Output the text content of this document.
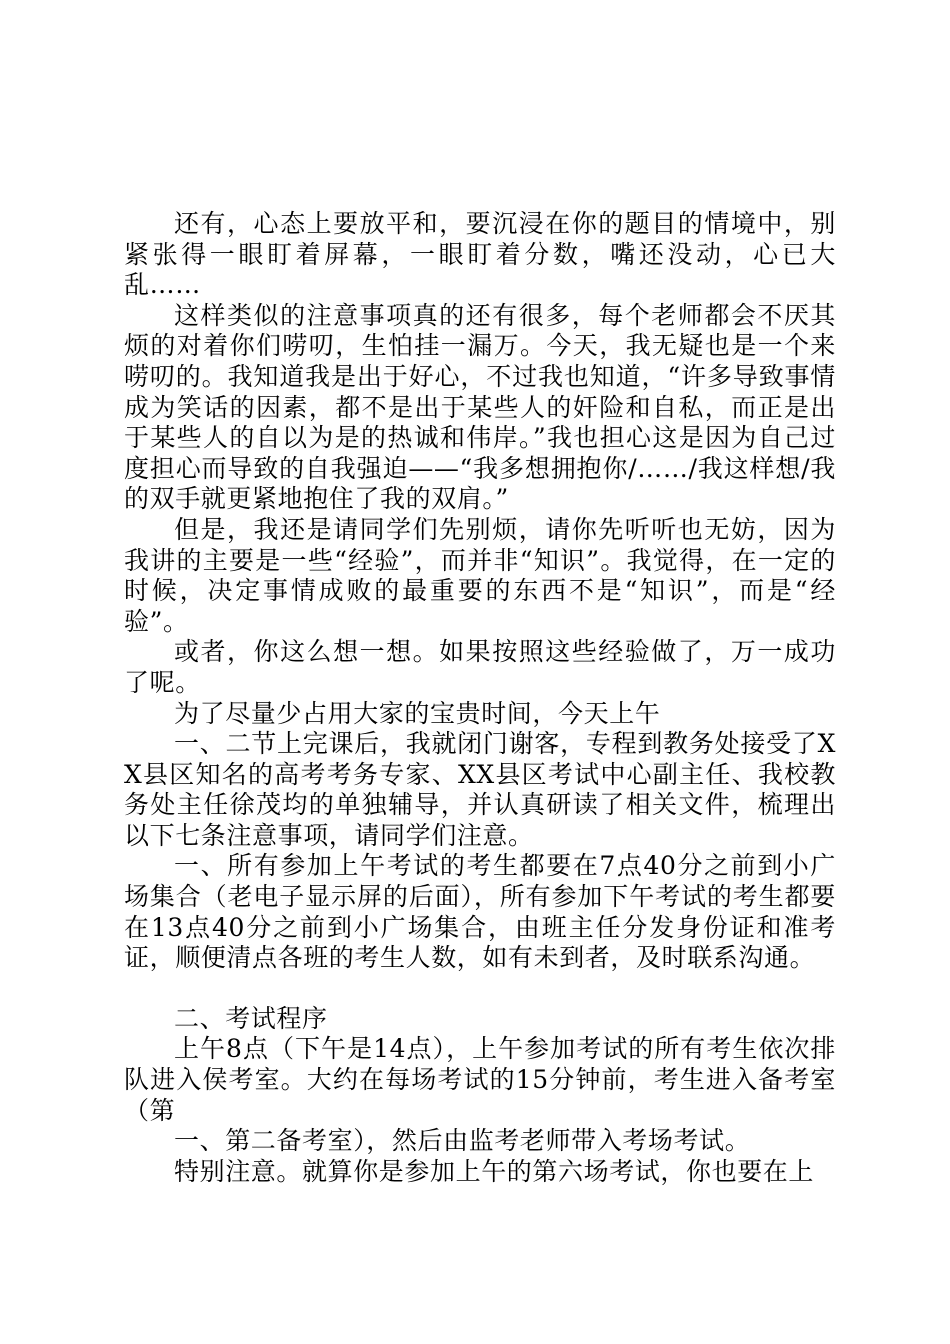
还有，心态上要放平和，要沉浸在你的题目的情境中，别紧张得一眼盯着屏幕，一眼盯着分数，嘴还没动，心已大乱……

这样类似的注意事项真的还有很多，每个老师都会不厌其烦的对着你们唠叨，生怕挂一漏万。今天，我无疑也是一个来唠叨的。我知道我是出于好心，不过我也知道，“许多导致事情成为笑话的因素，都不是出于某些人的奸险和自私，而正是出于某些人的自以为是的热诚和伟岸。”我也担心这是因为自己过度担心而导致的自我强迫——“我多想拥抱你/……/我这样想/我的双手就更紧地抱住了我的双肩。”

但是，我还是请同学们先别烦，请你先听听也无妨，因为我讲的主要是一些“经验”，而并非“知识”。我觉得，在一定的时候，决定事情成败的最重要的东西不是“知识”，而是“经验”。

或者，你这么想一想。如果按照这些经验做了，万一成功了呢。

为了尽量少占用大家的宝贵时间，今天上午

一、二节上完课后，我就闭门谢客，专程到教务处接受了XX县区知名的高考考务专家、XX县区考试中心副主任、我校教务处主任徐茂均的单独辅导，并认真研读了相关文件，梳理出以下七条注意事项，请同学们注意。

一、所有参加上午考试的考生都要在7点40分之前到小广场集合（老电子显示屏的后面），所有参加下午考试的考生都要在13点40分之前到小广场集合，由班主任分发身份证和准考证，顺便清点各班的考生人数，如有未到者，及时联系沟通。

二、考试程序

上午8点（下午是14点），上午参加考试的所有考生依次排队进入侯考室。大约在每场考试的15分钟前，考生进入备考室（第

一、第二备考室），然后由监考老师带入考场考试。

特别注意。就算你是参加上午的第六场考试，你也要在上
